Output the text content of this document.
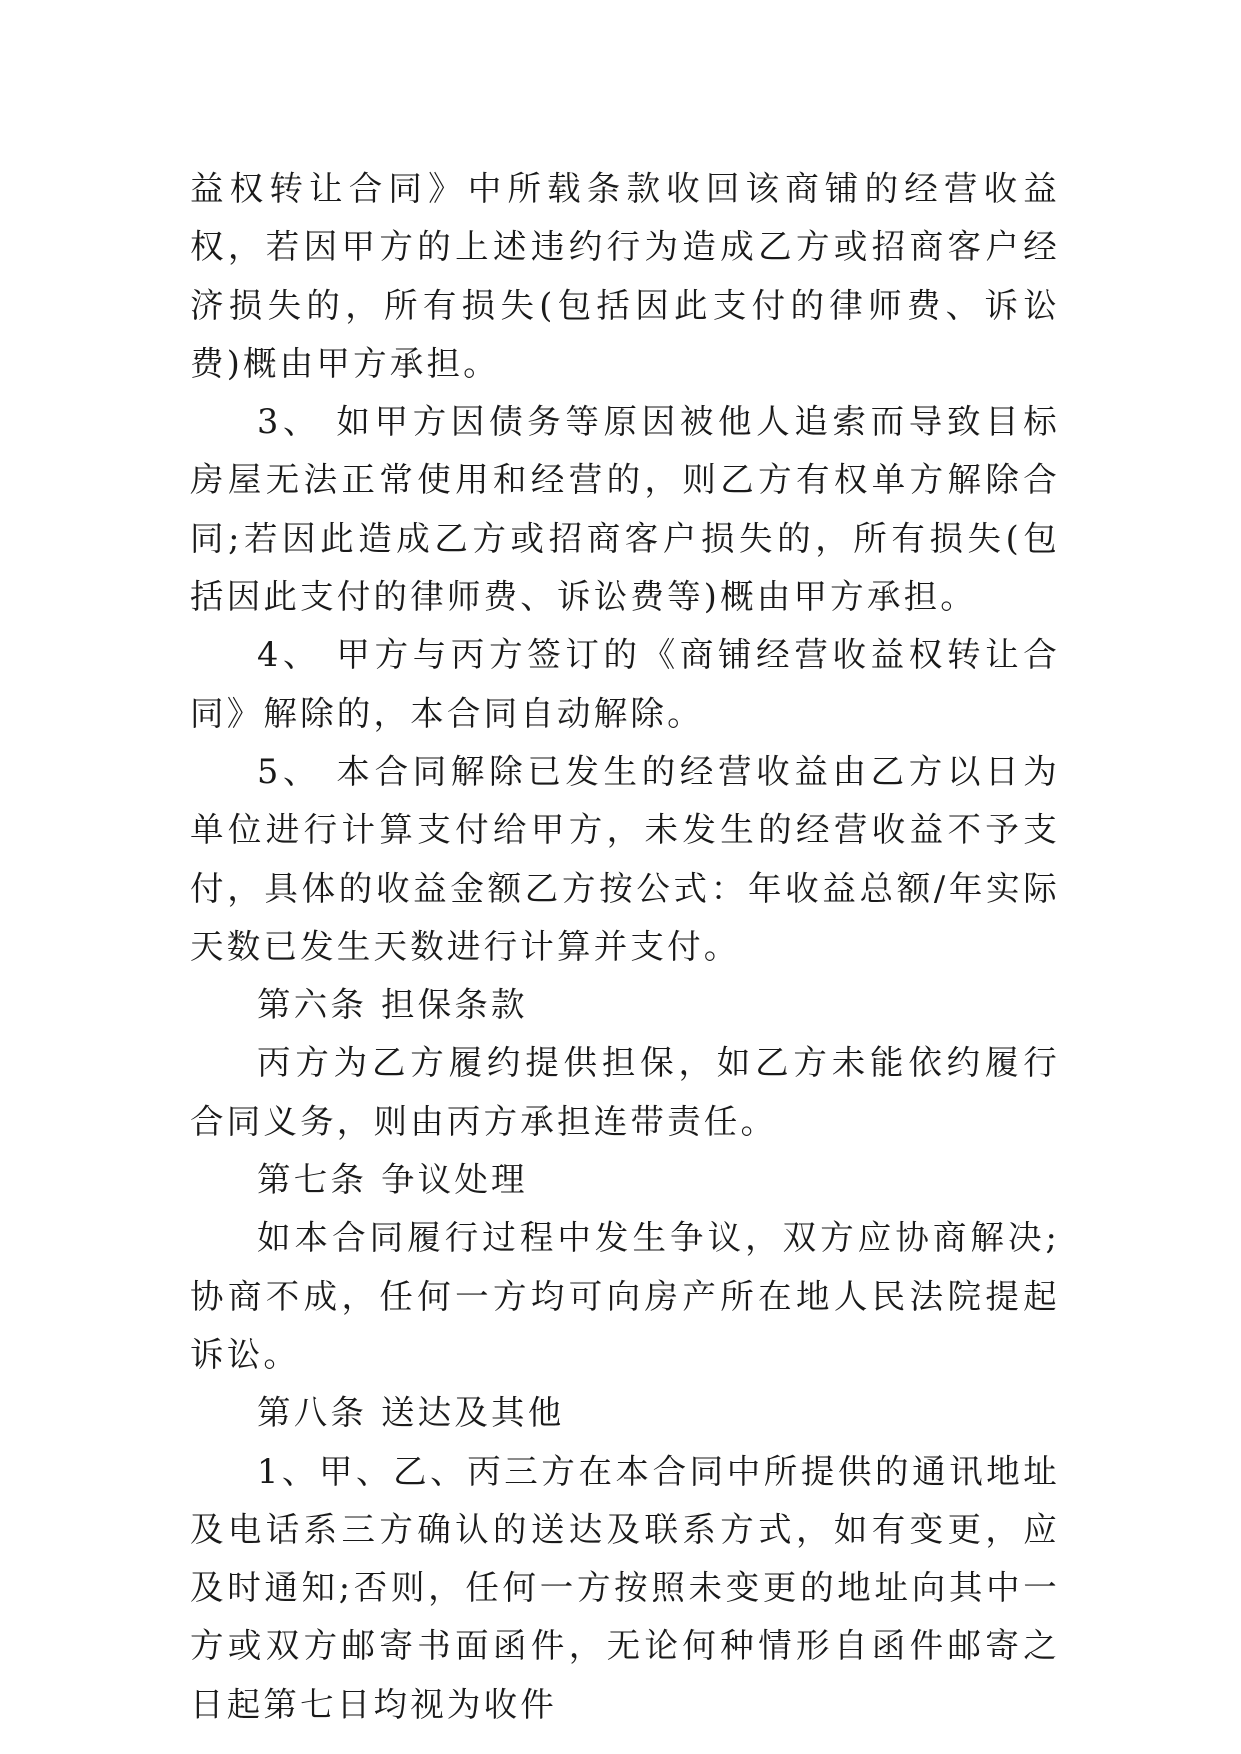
益权转让合同》中所载条款收回该商铺的经营收益权，若因甲方的上述违约行为造成乙方或招商客户经济损失的，所有损失(包括因此支付的律师费、诉讼费)概由甲方承担。

3、 如甲方因债务等原因被他人追索而导致目标房屋无法正常使用和经营的，则乙方有权单方解除合同;若因此造成乙方或招商客户损失的，所有损失(包括因此支付的律师费、诉讼费等)概由甲方承担。

4、 甲方与丙方签订的《商铺经营收益权转让合同》解除的，本合同自动解除。

5、 本合同解除已发生的经营收益由乙方以日为单位进行计算支付给甲方，未发生的经营收益不予支付，具体的收益金额乙方按公式：年收益总额/年实际天数已发生天数进行计算并支付。

第六条 担保条款

丙方为乙方履约提供担保，如乙方未能依约履行合同义务，则由丙方承担连带责任。

第七条 争议处理

如本合同履行过程中发生争议，双方应协商解决;协商不成，任何一方均可向房产所在地人民法院提起诉讼。

第八条 送达及其他

1、甲、乙、丙三方在本合同中所提供的通讯地址及电话系三方确认的送达及联系方式，如有变更，应及时通知;否则，任何一方按照未变更的地址向其中一方或双方邮寄书面函件，无论何种情形自函件邮寄之日起第七日均视为收件
